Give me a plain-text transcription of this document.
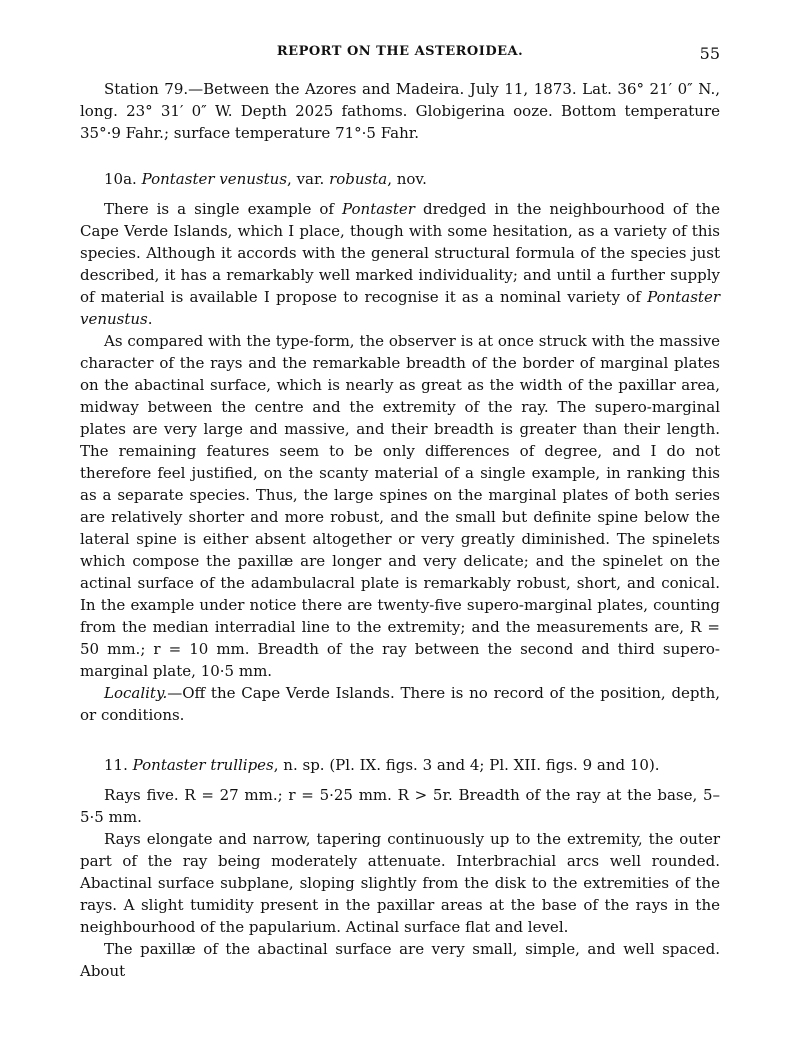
REPORT ON THE ASTEROIDEA.	55

Station 79.—Between the Azores and Madeira. July 11, 1873. Lat. 36° 21′ 0″ N., long. 23° 31′ 0″ W. Depth 2025 fathoms. Globigerina ooze. Bottom temperature 35°·9 Fahr.; surface temperature 71°·5 Fahr.

10a. Pontaster venustus, var. robusta, nov.

There is a single example of Pontaster dredged in the neighbourhood of the Cape Verde Islands, which I place, though with some hesitation, as a variety of this species. Although it accords with the general structural formula of the species just described, it has a remarkably well marked individuality; and until a further supply of material is available I propose to recognise it as a nominal variety of Pontaster venustus.

As compared with the type-form, the observer is at once struck with the massive character of the rays and the remarkable breadth of the border of marginal plates on the abactinal surface, which is nearly as great as the width of the paxillar area, midway between the centre and the extremity of the ray. The supero-marginal plates are very large and massive, and their breadth is greater than their length. The remaining features seem to be only differences of degree, and I do not therefore feel justified, on the scanty material of a single example, in ranking this as a separate species. Thus, the large spines on the marginal plates of both series are relatively shorter and more robust, and the small but definite spine below the lateral spine is either absent altogether or very greatly diminished. The spinelets which compose the paxillæ are longer and very delicate; and the spinelet on the actinal surface of the adambulacral plate is remarkably robust, short, and conical. In the example under notice there are twenty-five supero-marginal plates, counting from the median interradial line to the extremity; and the measurements are, R = 50 mm.; r = 10 mm. Breadth of the ray between the second and third supero-marginal plate, 10·5 mm.

Locality.—Off the Cape Verde Islands. There is no record of the position, depth, or conditions.

11. Pontaster trullipes, n. sp. (Pl. IX. figs. 3 and 4; Pl. XII. figs. 9 and 10).

Rays five. R = 27 mm.; r = 5·25 mm. R > 5r. Breadth of the ray at the base, 5–5·5 mm.

Rays elongate and narrow, tapering continuously up to the extremity, the outer part of the ray being moderately attenuate. Interbrachial arcs well rounded. Abactinal surface subplane, sloping slightly from the disk to the extremities of the rays. A slight tumidity present in the paxillar areas at the base of the rays in the neighbourhood of the papularium. Actinal surface flat and level.

The paxillæ of the abactinal surface are very small, simple, and well spaced. About
